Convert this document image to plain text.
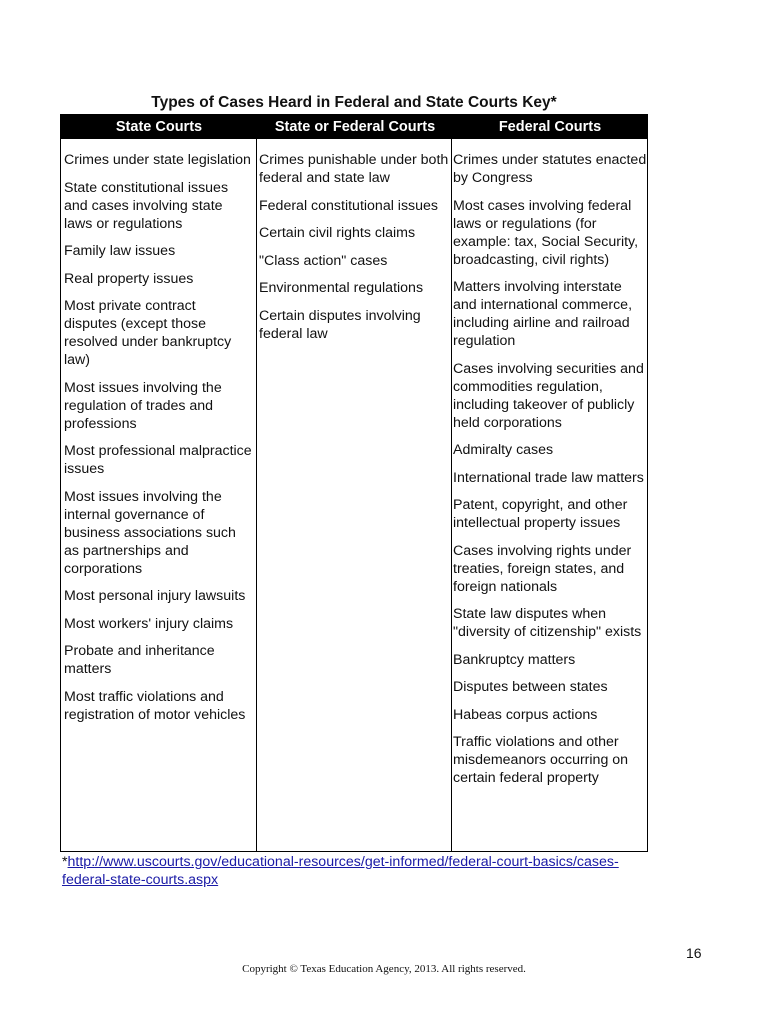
Types of Cases Heard in Federal and State Courts Key*
State Courts	State or Federal Courts	Federal Courts

Crimes under state legislation

State constitutional issues and cases involving state laws or regulations

Family law issues

Real property issues

Most private contract disputes (except those resolved under bankruptcy law)

Most issues involving the regulation of trades and professions

Most professional malpractice issues

Most issues involving the internal governance of business associations such as partnerships and corporations

Most personal injury lawsuits

Most workers' injury claims

Probate and inheritance matters

Most traffic violations and registration of motor vehicles

Crimes punishable under both federal and state law

Federal constitutional issues

Certain civil rights claims

"Class action" cases

Environmental regulations

Certain disputes involving federal law

Crimes under statutes enacted by Congress

Most cases involving federal laws or regulations (for example: tax, Social Security, broadcasting, civil rights)

Matters involving interstate and international commerce, including airline and railroad regulation

Cases involving securities and commodities regulation, including takeover of publicly held corporations

Admiralty cases

International trade law matters

Patent, copyright, and other intellectual property issues

Cases involving rights under treaties, foreign states, and foreign nationals

State law disputes when "diversity of citizenship" exists

Bankruptcy matters

Disputes between states

Habeas corpus actions

Traffic violations and other misdemeanors occurring on certain federal property

*http://www.uscourts.gov/educational-resources/get-informed/federal-court-basics/cases-federal-state-courts.aspx
16
Copyright © Texas Education Agency, 2013. All rights reserved.
